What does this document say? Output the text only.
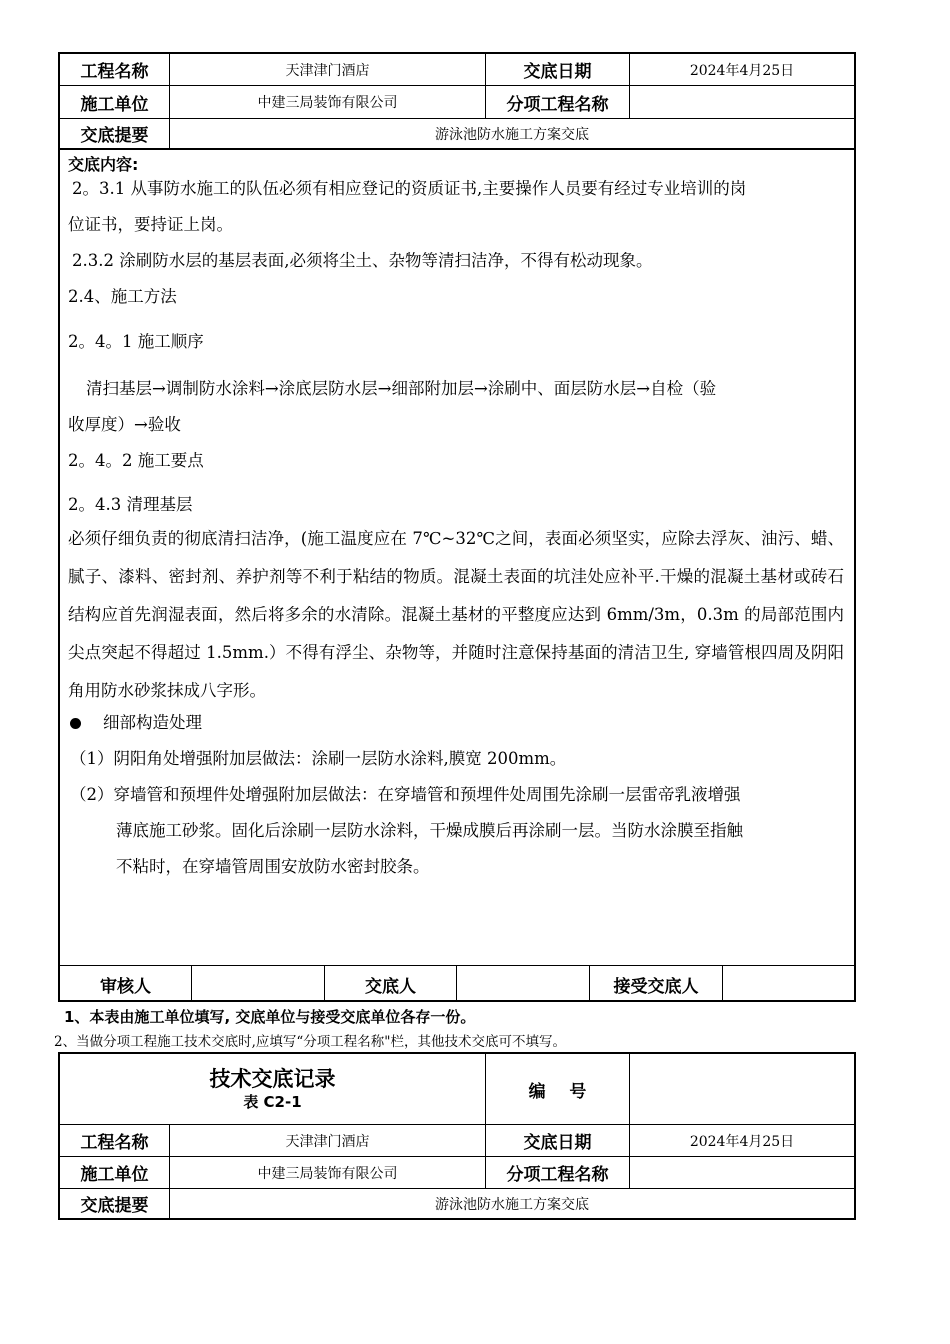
工程名称	天津津门酒店	交底日期	2024年4月25日
施工单位	中建三局装饰有限公司	分项工程名称
交底提要	游泳池防水施工方案交底
交底内容:
2。3.1 从事防水施工的队伍必须有相应登记的资质证书,主要操作人员要有经过专业培训的岗
位证书，要持证上岗。
2.3.2 涂刷防水层的基层表面,必须将尘土、杂物等清扫洁净，不得有松动现象。
2.4、施工方法
2。4。1 施工顺序
清扫基层→调制防水涂料→涂底层防水层→细部附加层→涂刷中、面层防水层→自检（验
收厚度）→验收
2。4。2 施工要点
2。4.3 清理基层
必须仔细负责的彻底清扫洁净，(施工温度应在 7℃~32℃之间，表面必须坚实，应除去浮灰、油污、蜡、腻子、漆料、密封剂、养护剂等不利于粘结的物质。混凝土表面的坑洼处应补平.干燥的混凝土基材或砖石结构应首先润湿表面，然后将多余的水清除。混凝土基材的平整度应达到 6mm/3m，0.3m 的局部范围内尖点突起不得超过 1.5mm.）不得有浮尘、杂物等，并随时注意保持基面的清洁卫生, 穿墙管根四周及阴阳角用防水砂浆抹成八字形。
细部构造处理
（1）阴阳角处增强附加层做法：涂刷一层防水涂料,膜宽 200mm。
（2）穿墙管和预埋件处增强附加层做法：在穿墙管和预埋件处周围先涂刷一层雷帝乳液增强
薄底施工砂浆。固化后涂刷一层防水涂料，干燥成膜后再涂刷一层。当防水涂膜至指触
不粘时，在穿墙管周围安放防水密封胶条。
审核人	交底人	接受交底人
1、本表由施工单位填写, 交底单位与接受交底单位各存一份。
2、当做分项工程施工技术交底时,应填写“分项工程名称"栏，其他技术交底可不填写。
技术交底记录
表 C2-1
编    号
工程名称	天津津门酒店	交底日期	2024年4月25日
施工单位	中建三局装饰有限公司	分项工程名称
交底提要	游泳池防水施工方案交底
